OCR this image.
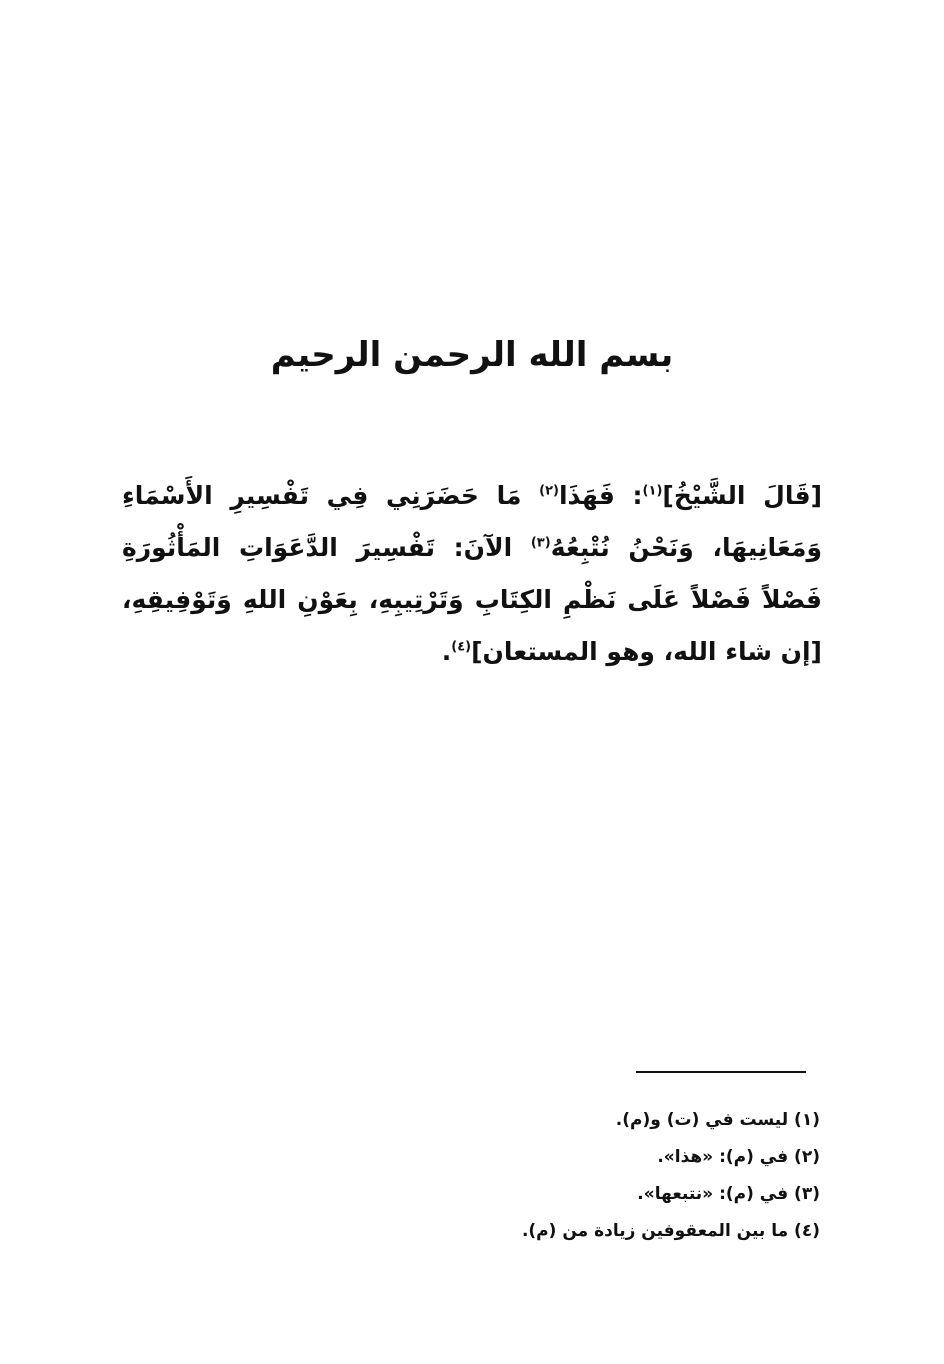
بسم الله الرحمن الرحيم
[قَالَ الشَّيْخُ]$^{(١)}$: فَهَذَا$^{(٢)}$ مَا حَضَرَنِي فِي تَفْسِيرِ الأَسْمَاءِ وَمَعَانِيهَا، وَنَحْنُ نُتْبِعُهُ$^{(٣)}$ الآنَ: تَفْسِيرَ الدَّعَوَاتِ المَأْثُورَةِ فَصْلاً فَصْلاً عَلَى نَظْمِ الكِتَابِ وَتَرْتِيبِهِ، بِعَوْنِ اللهِ وَتَوْفِيقِهِ، [إن شاء الله، وهو المستعان]$^{(٤)}$.
(١) ليست في (ت) و(م).
(٢) في (م): «هذا».
(٣) في (م): «نتبعها».
(٤) ما بين المعقوفين زيادة من (م).
